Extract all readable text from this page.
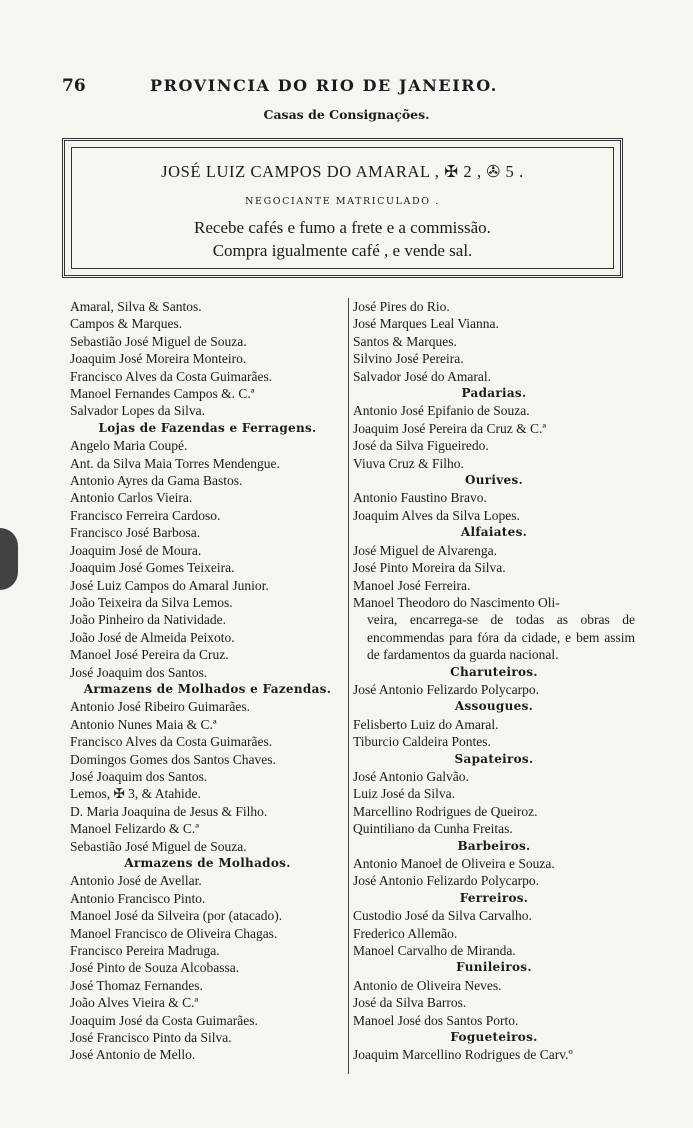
76	PROVINCIA DO RIO DE JANEIRO.
Casas de Consignações.
JOSÉ LUIZ CAMPOS DO AMARAL , ✠ 2 , ✇ 5 .
NEGOCIANTE MATRICULADO .
Recebe cafés e fumo a frete e a commissão.
Compra igualmente café , e vende sal.
Amaral, Silva & Santos.
Campos & Marques.
Sebastião José Miguel de Souza.
Joaquim José Moreira Monteiro.
Francisco Alves da Costa Guimarães.
Manoel Fernandes Campos &. C.ª
Salvador Lopes da Silva.
Lojas de Fazendas e Ferragens.
Angelo Maria Coupé.
Ant. da Silva Maia Torres Mendengue.
Antonio Ayres da Gama Bastos.
Antonio Carlos Vieira.
Francisco Ferreira Cardoso.
Francisco José Barbosa.
Joaquim José de Moura.
Joaquim José Gomes Teixeira.
José Luiz Campos do Amaral Junior.
João Teixeira da Silva Lemos.
João Pinheiro da Natividade.
João José de Almeida Peixoto.
Manoel José Pereira da Cruz.
José Joaquim dos Santos.
Armazens de Molhados e Fazendas.
Antonio José Ribeiro Guimarães.
Antonio Nunes Maia & C.ª
Francisco Alves da Costa Guimarães.
Domingos Gomes dos Santos Chaves.
José Joaquim dos Santos.
Lemos, ✠ 3, & Atahide.
D. Maria Joaquina de Jesus & Filho.
Manoel Felizardo & C.ª
Sebastião José Miguel de Souza.
Armazens de Molhados.
Antonio José de Avellar.
Antonio Francisco Pinto.
Manoel José da Silveira (por (atacado).
Manoel Francisco de Oliveira Chagas.
Francisco Pereira Madruga.
José Pinto de Souza Alcobassa.
José Thomaz Fernandes.
João Alves Vieira & C.ª
Joaquim José da Costa Guimarães.
José Francisco Pinto da Silva.
José Antonio de Mello.
José Pires do Rio.
José Marques Leal Vianna.
Santos & Marques.
Silvino José Pereira.
Salvador José do Amaral.
Padarias.
Antonio José Epifanio de Souza.
Joaquim José Pereira da Cruz & C.ª
José da Silva Figueiredo.
Viuva Cruz & Filho.
Ourives.
Antonio Faustino Bravo.
Joaquim Alves da Silva Lopes.
Alfaiates.
José Miguel de Alvarenga.
José Pinto Moreira da Silva.
Manoel José Ferreira.
Manoel Theodoro do Nascimento Oli-
veira, encarrega-se de todas as obras de encommendas para fóra da cidade, e bem assim de fardamentos da guarda nacional.
Charuteiros.
José Antonio Felizardo Polycarpo.
Assougues.
Felisberto Luiz do Amaral.
Tiburcio Caldeira Pontes.
Sapateiros.
José Antonio Galvão.
Luiz José da Silva.
Marcellino Rodrigues de Queiroz.
Quintiliano da Cunha Freitas.
Barbeiros.
Antonio Manoel de Oliveira e Souza.
José Antonio Felizardo Polycarpo.
Ferreiros.
Custodio José da Silva Carvalho.
Frederico Allemão.
Manoel Carvalho de Miranda.
Funileiros.
Antonio de Oliveira Neves.
José da Silva Barros.
Manoel José dos Santos Porto.
Fogueteiros.
Joaquim Marcellino Rodrigues de Carv.º
